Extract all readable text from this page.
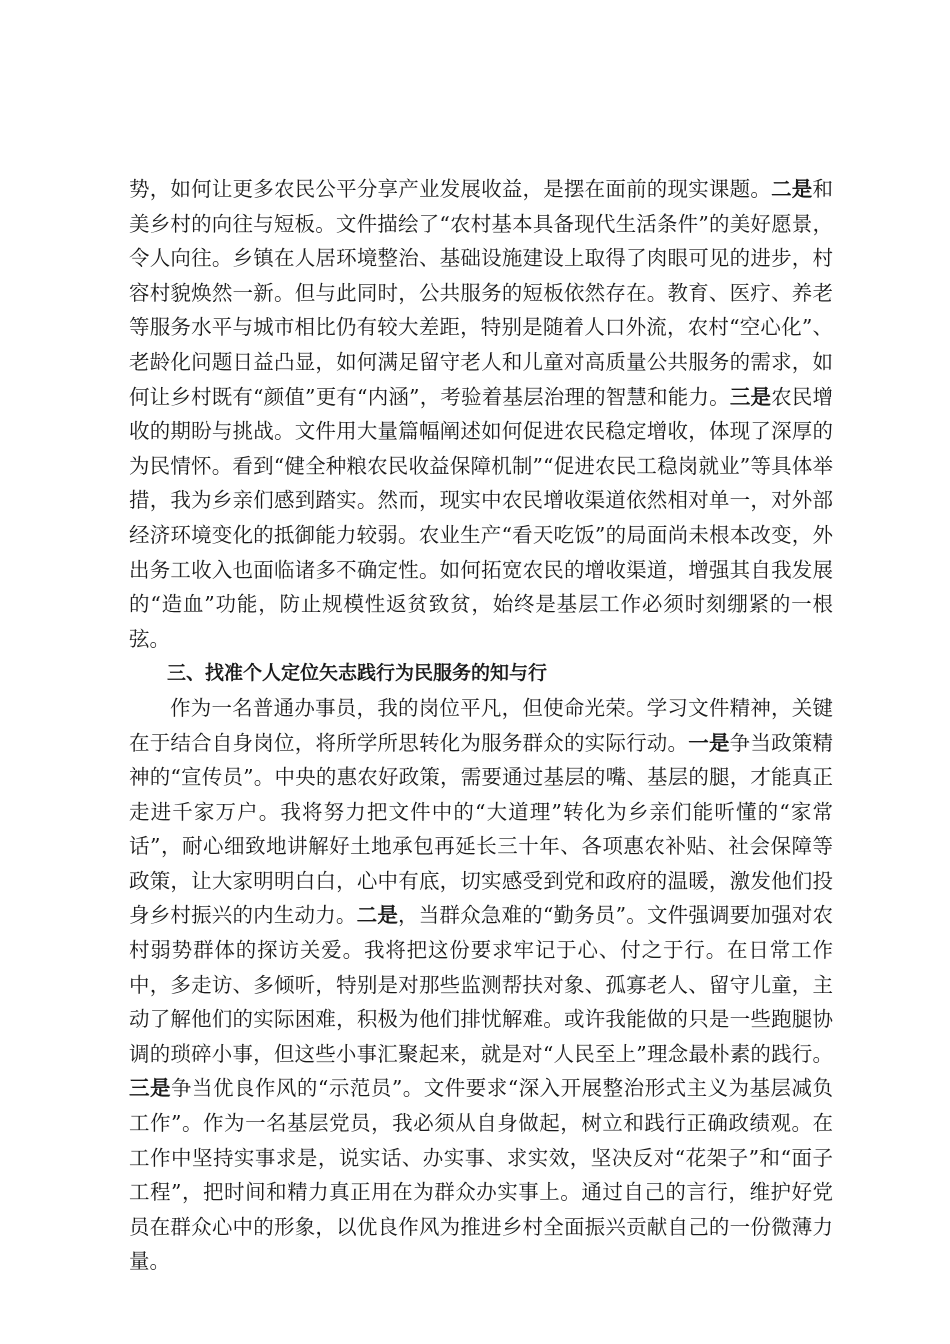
势，如何让更多农民公平分享产业发展收益，是摆在面前的现实课题。二是和美乡村的向往与短板。文件描绘了“农村基本具备现代生活条件”的美好愿景，令人向往。乡镇在人居环境整治、基础设施建设上取得了肉眼可见的进步，村容村貌焕然一新。但与此同时，公共服务的短板依然存在。教育、医疗、养老等服务水平与城市相比仍有较大差距，特别是随着人口外流，农村“空心化”、老龄化问题日益凸显，如何满足留守老人和儿童对高质量公共服务的需求，如何让乡村既有“颜值”更有“内涵”，考验着基层治理的智慧和能力。三是农民增收的期盼与挑战。文件用大量篇幅阐述如何促进农民稳定增收，体现了深厚的为民情怀。看到“健全种粮农民收益保障机制”“促进农民工稳岗就业”等具体举措，我为乡亲们感到踏实。然而，现实中农民增收渠道依然相对单一，对外部经济环境变化的抵御能力较弱。农业生产“看天吃饭”的局面尚未根本改变，外出务工收入也面临诸多不确定性。如何拓宽农民的增收渠道，增强其自我发展的“造血”功能，防止规模性返贫致贫，始终是基层工作必须时刻绷紧的一根弦。

三、找准个人定位矢志践行为民服务的知与行

作为一名普通办事员，我的岗位平凡，但使命光荣。学习文件精神，关键在于结合自身岗位，将所学所思转化为服务群众的实际行动。一是争当政策精神的“宣传员”。中央的惠农好政策，需要通过基层的嘴、基层的腿，才能真正走进千家万户。我将努力把文件中的“大道理”转化为乡亲们能听懂的“家常话”，耐心细致地讲解好土地承包再延长三十年、各项惠农补贴、社会保障等政策，让大家明明白白，心中有底，切实感受到党和政府的温暖，激发他们投身乡村振兴的内生动力。二是，当群众急难的“勤务员”。文件强调要加强对农村弱势群体的探访关爱。我将把这份要求牢记于心、付之于行。在日常工作中，多走访、多倾听，特别是对那些监测帮扶对象、孤寡老人、留守儿童，主动了解他们的实际困难，积极为他们排忧解难。或许我能做的只是一些跑腿协调的琐碎小事，但这些小事汇聚起来，就是对“人民至上”理念最朴素的践行。三是争当优良作风的“示范员”。文件要求“深入开展整治形式主义为基层减负工作”。作为一名基层党员，我必须从自身做起，树立和践行正确政绩观。在工作中坚持实事求是，说实话、办实事、求实效，坚决反对“花架子”和“面子工程”，把时间和精力真正用在为群众办实事上。通过自己的言行，维护好党员在群众心中的形象，以优良作风为推进乡村全面振兴贡献自己的一份微薄力量。
